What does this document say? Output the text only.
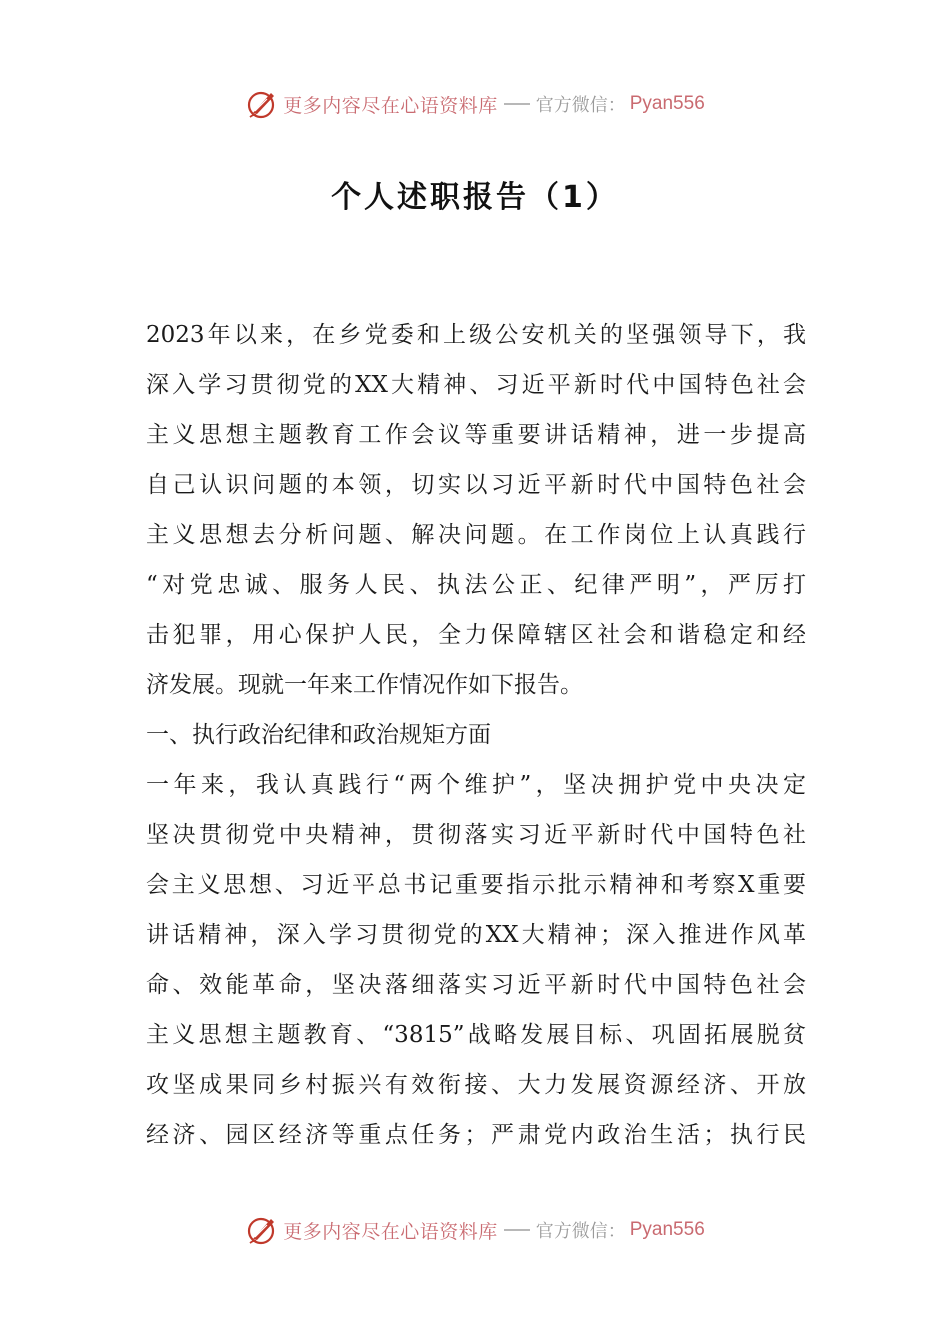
更多内容尽在心语资料库 官方微信： Pyan556
个人述职报告（1）
2023年以来，在乡党委和上级公安机关的坚强领导下，我
深入学习贯彻党的XX大精神、习近平新时代中国特色社会
主义思想主题教育工作会议等重要讲话精神，进一步提高
自己认识问题的本领，切实以习近平新时代中国特色社会
主义思想去分析问题、解决问题。在工作岗位上认真践行
“对党忠诚、服务人民、执法公正、纪律严明”，严厉打
击犯罪，用心保护人民，全力保障辖区社会和谐稳定和经
济发展。现就一年来工作情况作如下报告。
一、执行政治纪律和政治规矩方面
一年来，我认真践行“两个维护”，坚决拥护党中央决定
坚决贯彻党中央精神，贯彻落实习近平新时代中国特色社
会主义思想、习近平总书记重要指示批示精神和考察X重要
讲话精神，深入学习贯彻党的XX大精神；深入推进作风革
命、效能革命，坚决落细落实习近平新时代中国特色社会
主义思想主题教育、“3815”战略发展目标、巩固拓展脱贫
攻坚成果同乡村振兴有效衔接、大力发展资源经济、开放
经济、园区经济等重点任务；严肃党内政治生活；执行民
更多内容尽在心语资料库 官方微信： Pyan556
